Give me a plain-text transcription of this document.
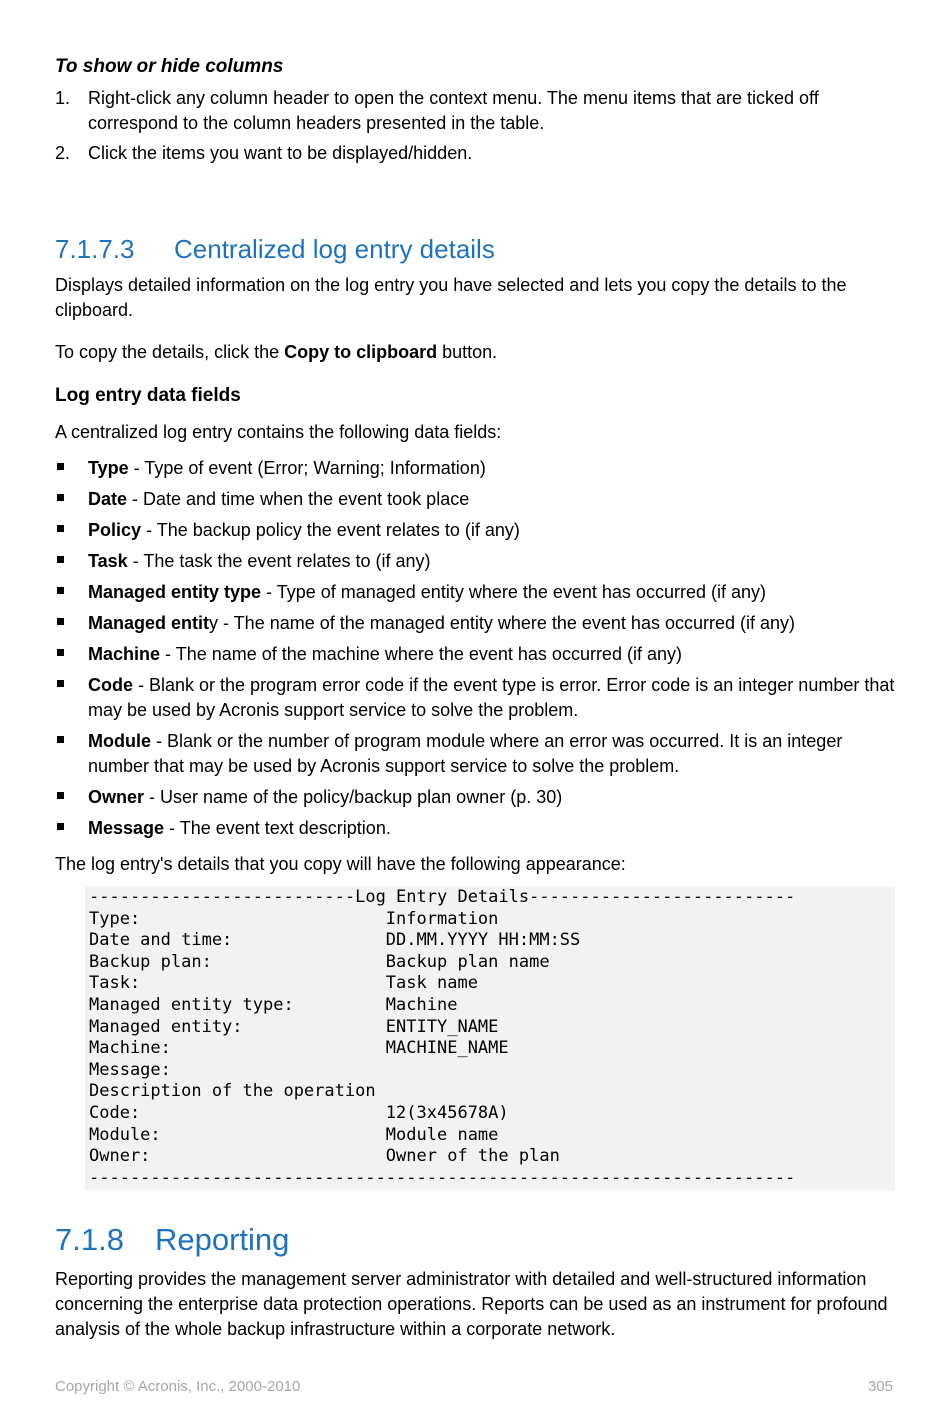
To show or hide columns
1. Right-click any column header to open the context menu. The menu items that are ticked off correspond to the column headers presented in the table.
2. Click the items you want to be displayed/hidden.
7.1.7.3 Centralized log entry details

Displays detailed information on the log entry you have selected and lets you copy the details to the clipboard.

To copy the details, click the Copy to clipboard button.

Log entry data fields

A centralized log entry contains the following data fields:

Type - Type of event (Error; Warning; Information)
Date - Date and time when the event took place
Policy - The backup policy the event relates to (if any)
Task - The task the event relates to (if any)
Managed entity type - Type of managed entity where the event has occurred (if any)
Managed entity - The name of the managed entity where the event has occurred (if any)
Machine - The name of the machine where the event has occurred (if any)
Code - Blank or the program error code if the event type is error. Error code is an integer number that may be used by Acronis support service to solve the problem.
Module - Blank or the number of program module where an error was occurred. It is an integer number that may be used by Acronis support service to solve the problem.
Owner - User name of the policy/backup plan owner (p. 30)
Message - The event text description.

The log entry's details that you copy will have the following appearance:

--------------------------Log Entry Details--------------------------
Type:                        Information
Date and time:               DD.MM.YYYY HH:MM:SS
Backup plan:                 Backup plan name
Task:                        Task name
Managed entity type:         Machine
Managed entity:              ENTITY_NAME
Machine:                     MACHINE_NAME
Message:
Description of the operation
Code:                        12(3x45678A)
Module:                      Module name
Owner:                       Owner of the plan
---------------------------------------------------------------------
7.1.8 Reporting

Reporting provides the management server administrator with detailed and well-structured information concerning the enterprise data protection operations. Reports can be used as an instrument for profound analysis of the whole backup infrastructure within a corporate network.

Copyright © Acronis, Inc., 2000-2010	305
